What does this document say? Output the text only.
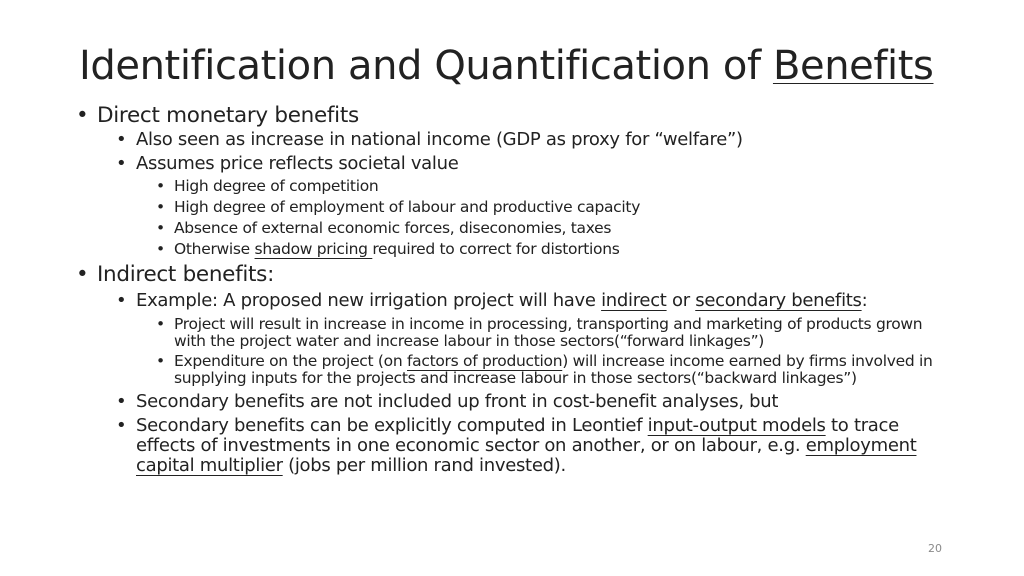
Identification and Quantification of Benefits
• Direct monetary benefits
• Also seen as increase in national income (GDP as proxy for “welfare”)
• Assumes price reflects societal value
• High degree of competition
• High degree of employment of labour and productive capacity
• Absence of external economic forces, diseconomies, taxes
• Otherwise shadow pricing required to correct for distortions
• Indirect benefits:
• Example: A proposed new irrigation project will have indirect or secondary benefits:
• Project will result in increase in income in processing, transporting and marketing of products grown with the project water and increase labour in those sectors(“forward linkages”)
• Expenditure on the project (on factors of production) will increase income earned by firms involved in supplying inputs for the projects and increase labour in those sectors(“backward linkages”)
• Secondary benefits are not included up front in cost-benefit analyses, but
• Secondary benefits can be explicitly computed in Leontief input-output models to trace effects of investments in one economic sector on another, or on labour, e.g. employment capital multiplier (jobs per million rand invested).
20
